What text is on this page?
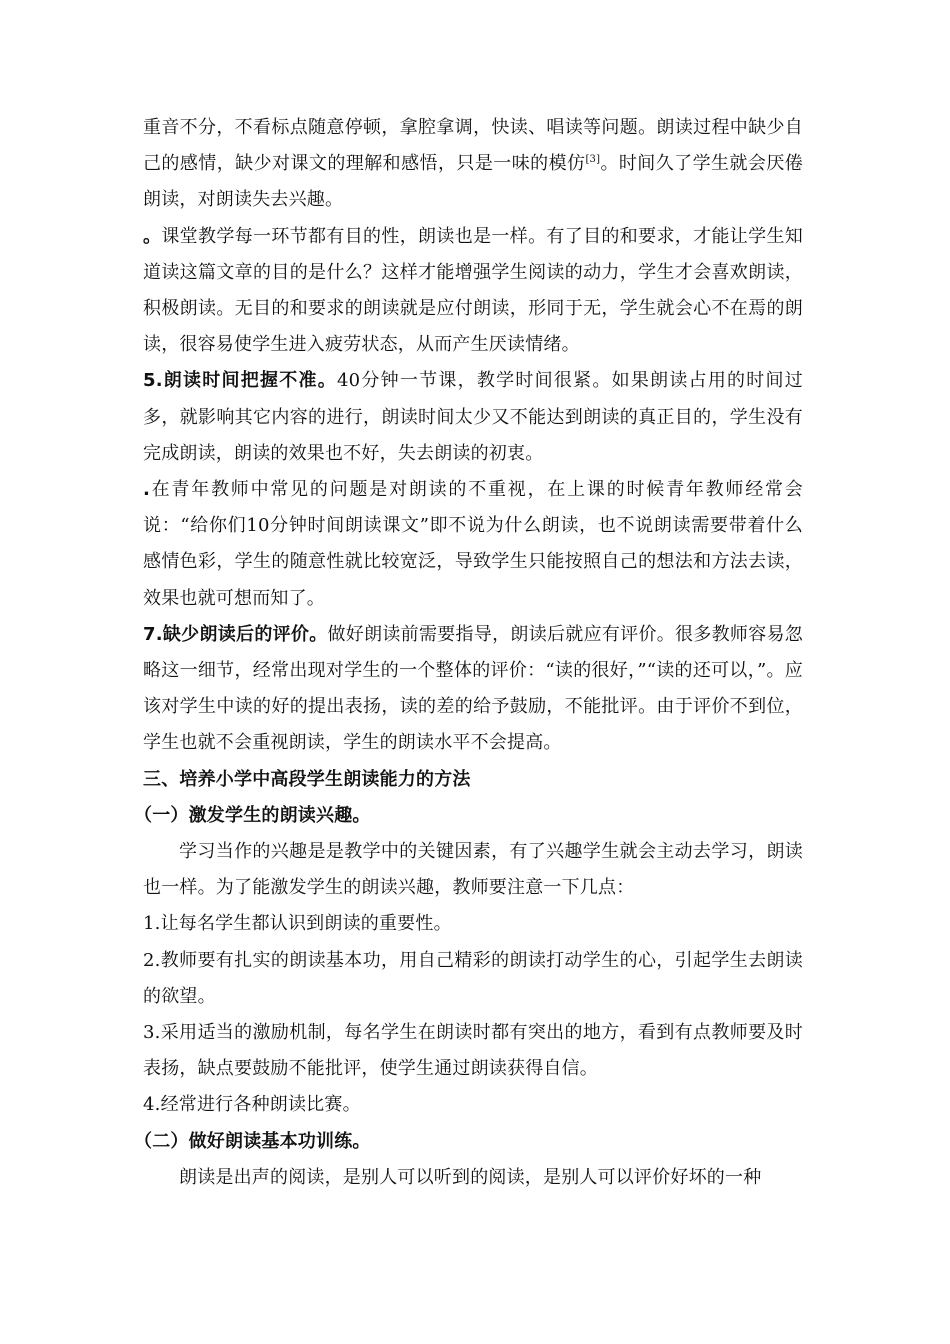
重音不分，不看标点随意停顿，拿腔拿调，快读、唱读等问题。朗读过程中缺少自己的感情，缺少对课文的理解和感悟，只是一味的模仿[3]。时间久了学生就会厌倦朗读，对朗读失去兴趣。

。课堂教学每一环节都有目的性，朗读也是一样。有了目的和要求，才能让学生知道读这篇文章的目的是什么？这样才能增强学生阅读的动力，学生才会喜欢朗读，积极朗读。无目的和要求的朗读就是应付朗读，形同于无，学生就会心不在焉的朗读，很容易使学生进入疲劳状态，从而产生厌读情绪。

5.朗读时间把握不准。40分钟一节课，教学时间很紧。如果朗读占用的时间过多，就影响其它内容的进行，朗读时间太少又不能达到朗读的真正目的，学生没有完成朗读，朗读的效果也不好，失去朗读的初衷。

.在青年教师中常见的问题是对朗读的不重视，在上课的时候青年教师经常会说：“给你们10分钟时间朗读课文”即不说为什么朗读，也不说朗读需要带着什么感情色彩，学生的随意性就比较宽泛，导致学生只能按照自己的想法和方法去读，效果也就可想而知了。

7.缺少朗读后的评价。做好朗读前需要指导，朗读后就应有评价。很多教师容易忽略这一细节，经常出现对学生的一个整体的评价：“读的很好，”“读的还可以，”。应该对学生中读的好的提出表扬，读的差的给予鼓励，不能批评。由于评价不到位，学生也就不会重视朗读，学生的朗读水平不会提高。

三、培养小学中高段学生朗读能力的方法

（一）激发学生的朗读兴趣。

学习当作的兴趣是是教学中的关键因素，有了兴趣学生就会主动去学习，朗读也一样。为了能激发学生的朗读兴趣，教师要注意一下几点：

1.让每名学生都认识到朗读的重要性。

2.教师要有扎实的朗读基本功，用自己精彩的朗读打动学生的心，引起学生去朗读的欲望。

3.采用适当的激励机制，每名学生在朗读时都有突出的地方，看到有点教师要及时表扬，缺点要鼓励不能批评，使学生通过朗读获得自信。

4.经常进行各种朗读比赛。

（二）做好朗读基本功训练。

朗读是出声的阅读，是别人可以听到的阅读，是别人可以评价好坏的一种
